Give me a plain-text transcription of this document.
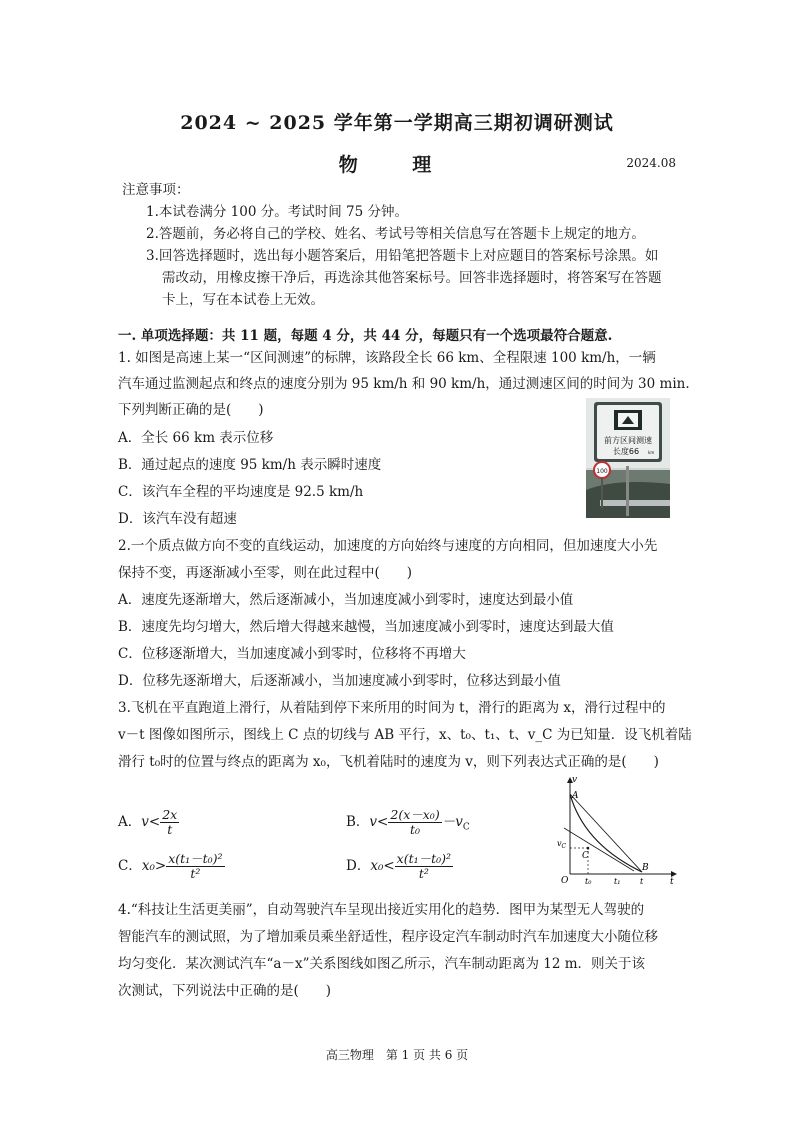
2024 ~ 2025 学年第一学期高三期初调研测试
物 理	2024.08
注意事项：
1.本试卷满分 100 分。考试时间 75 分钟。
2.答题前，务必将自己的学校、姓名、考试号等相关信息写在答题卡上规定的地方。
3.回答选择题时，选出每小题答案后，用铅笔把答题卡上对应题目的答案标号涂黑。如
需改动，用橡皮擦干净后，再选涂其他答案标号。回答非选择题时，将答案写在答题
卡上，写在本试卷上无效。
一. 单项选择题：共 11 题，每题 4 分，共 44 分，每题只有一个选项最符合题意.
1. 如图是高速上某一“区间测速”的标牌，该路段全长 66 km、全程限速 100 km/h，一辆
汽车通过监测起点和终点的速度分别为 95 km/h 和 90 km/h，通过测速区间的时间为 30 min.
下列判断正确的是(　　)
A．全长 66 km 表示位移
B．通过起点的速度 95 km/h 表示瞬时速度
C．该汽车全程的平均速度是 92.5 km/h
D．该汽车没有超速
前方区间测速
长度66 km
100
2.一个质点做方向不变的直线运动，加速度的方向始终与速度的方向相同，但加速度大小先
保持不变，再逐渐减小至零，则在此过程中(　　)
A．速度先逐渐增大，然后逐渐减小，当加速度减小到零时，速度达到最小值
B．速度先均匀增大，然后增大得越来越慢，当加速度减小到零时，速度达到最大值
C．位移逐渐增大，当加速度减小到零时，位移将不再增大
D．位移先逐渐增大，后逐渐减小，当加速度减小到零时，位移达到最小值
3.飞机在平直跑道上滑行，从着陆到停下来所用的时间为 t，滑行的距离为 x，滑行过程中的
v－t 图像如图所示，图线上 C 点的切线与 AB 平行，x、t₀、t₁、t、v_C 为已知量．设飞机着陆
滑行 t₀时的位置与终点的距离为 x₀，飞机着陆时的速度为 v，则下列表达式正确的是(　　)
A．$v< \frac{2x}{t}$	B．$v< \frac{\text{2(x－x₀)}}{\text{t₀}} -v_C$
C．$x_0> \frac{\text{x(t₁－t₀)²}}{\text{t²}}$	D．$x_0< \frac{\text{x(t₁－t₀)²}}{\text{t²}}$
v
t
O
A
B
C
$v_C$
t₀	t₁ t
4.“科技让生活更美丽”，自动驾驶汽车呈现出接近实用化的趋势．图甲为某型无人驾驶的
智能汽车的测试照，为了增加乘员乘坐舒适性，程序设定汽车制动时汽车加速度大小随位移
均匀变化．某次测试汽车“a－x”关系图线如图乙所示，汽车制动距离为 12 m．则关于该
次测试，下列说法中正确的是(　　)
高三物理　第 1 页 共 6 页
